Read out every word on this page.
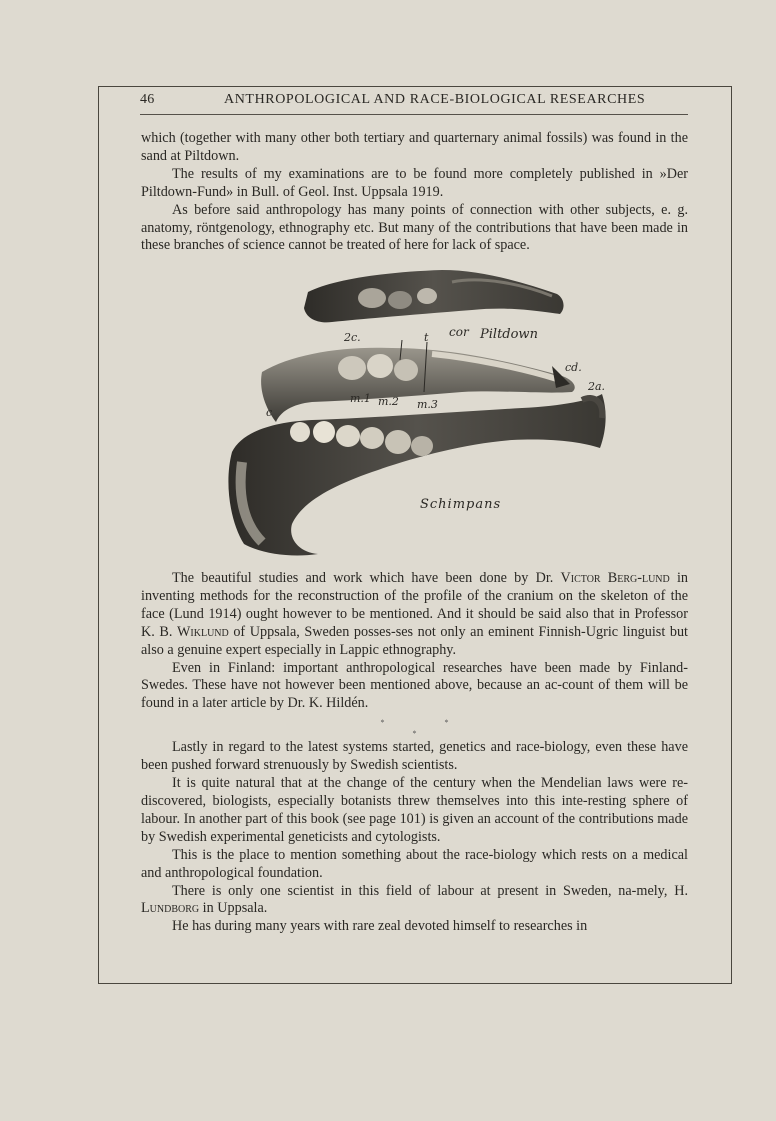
46	ANTHROPOLOGICAL AND RACE-BIOLOGICAL RESEARCHES

which (together with many other both tertiary and quarternary animal fossils) was found in the sand at Piltdown.

The results of my examinations are to be found more completely published in »Der Piltdown-Fund» in Bull. of Geol. Inst. Uppsala 1919.

As before said anthropology has many points of connection with other subjects, e. g. anatomy, röntgenology, ethnography etc. But many of the contributions that have been made in these branches of science cannot be treated of here for lack of space.

2c.	t cor Piltdown
cd.
2a.
m.1 m.2 m.3
c
Schimpans

The beautiful studies and work which have been done by Dr. Victor Berg-lund in inventing methods for the reconstruction of the profile of the cranium on the skeleton of the face (Lund 1914) ought however to be mentioned. And it should be said also that in Professor K. B. Wiklund of Uppsala, Sweden posses-ses not only an eminent Finnish-Ugric linguist but also a genuine expert especially in Lappic ethnography.

Even in Finland: important anthropological researches have been made by Finland-Swedes. These have not however been mentioned above, because an ac-count of them will be found in a later article by Dr. K. Hildén.

*	*
*

Lastly in regard to the latest systems started, genetics and race-biology, even these have been pushed forward strenuously by Swedish scientists.

It is quite natural that at the change of the century when the Mendelian laws were re-discovered, biologists, especially botanists threw themselves into this inte-resting sphere of labour. In another part of this book (see page 101) is given an account of the contributions made by Swedish experimental geneticists and cytologists.

This is the place to mention something about the race-biology which rests on a medical and anthropological foundation.

There is only one scientist in this field of labour at present in Sweden, na-mely, H. Lundborg in Uppsala.

He has during many years with rare zeal devoted himself to researches in
